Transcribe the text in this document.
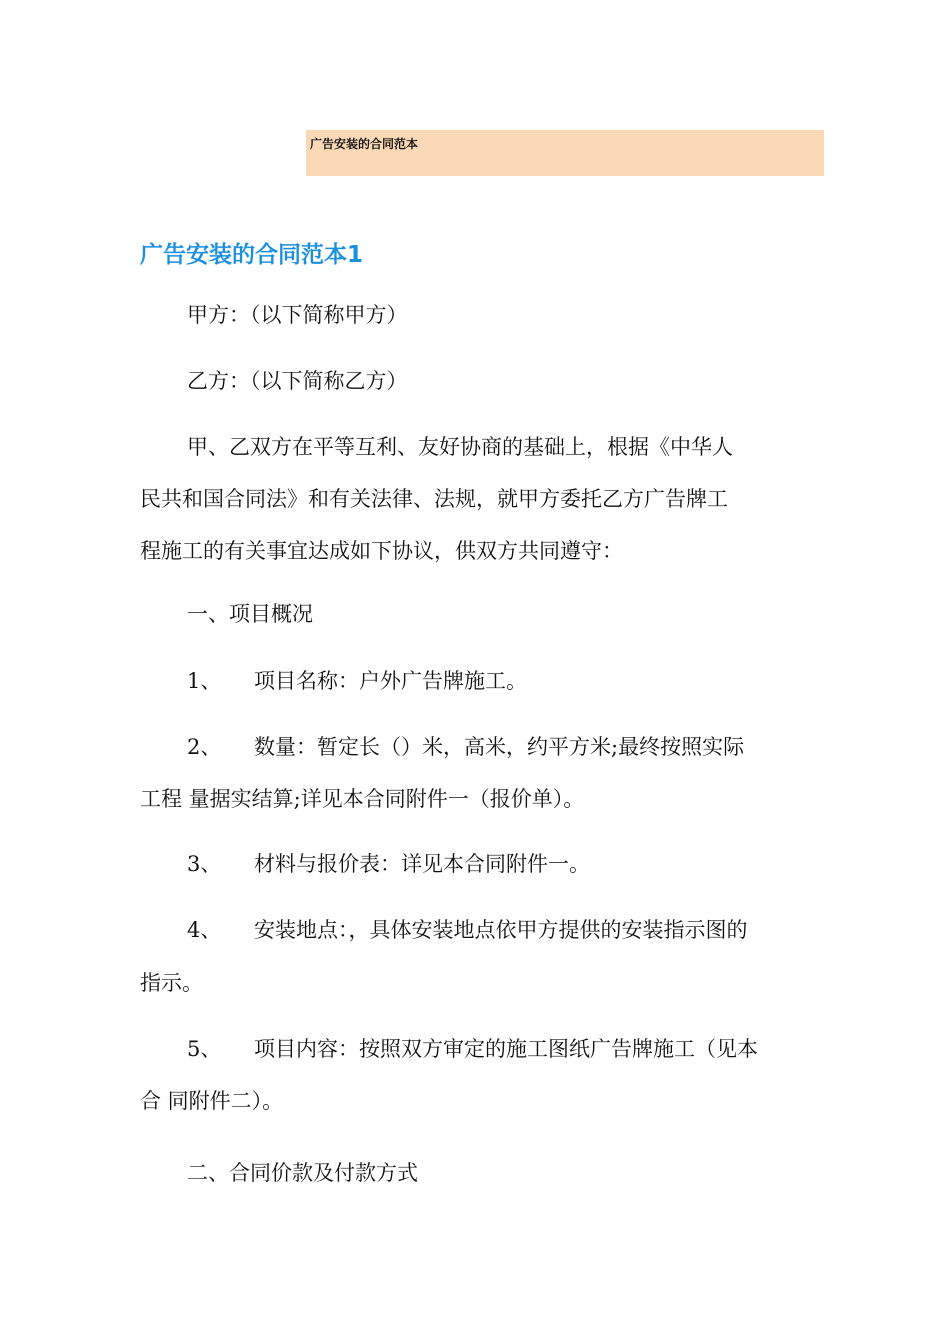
广告安装的合同范本
广告安装的合同范本1
甲方：（以下简称甲方）
乙方：（以下简称乙方）
甲、乙双方在平等互利、友好协商的基础上，根据《中华人
民共和国合同法》和有关法律、法规，就甲方委托乙方广告牌工
程施工的有关事宜达成如下协议，供双方共同遵守：
一、项目概况
1、 项目名称：户外广告牌施工。
2、 数量：暂定长（）米，高米，约平方米;最终按照实际
工程 量据实结算;详见本合同附件一（报价单）。
3、 材料与报价表：详见本合同附件一。
4、 安装地点：，具体安装地点依甲方提供的安装指示图的
指示。
5、 项目内容：按照双方审定的施工图纸广告牌施工（见本
合 同附件二）。
二、合同价款及付款方式
